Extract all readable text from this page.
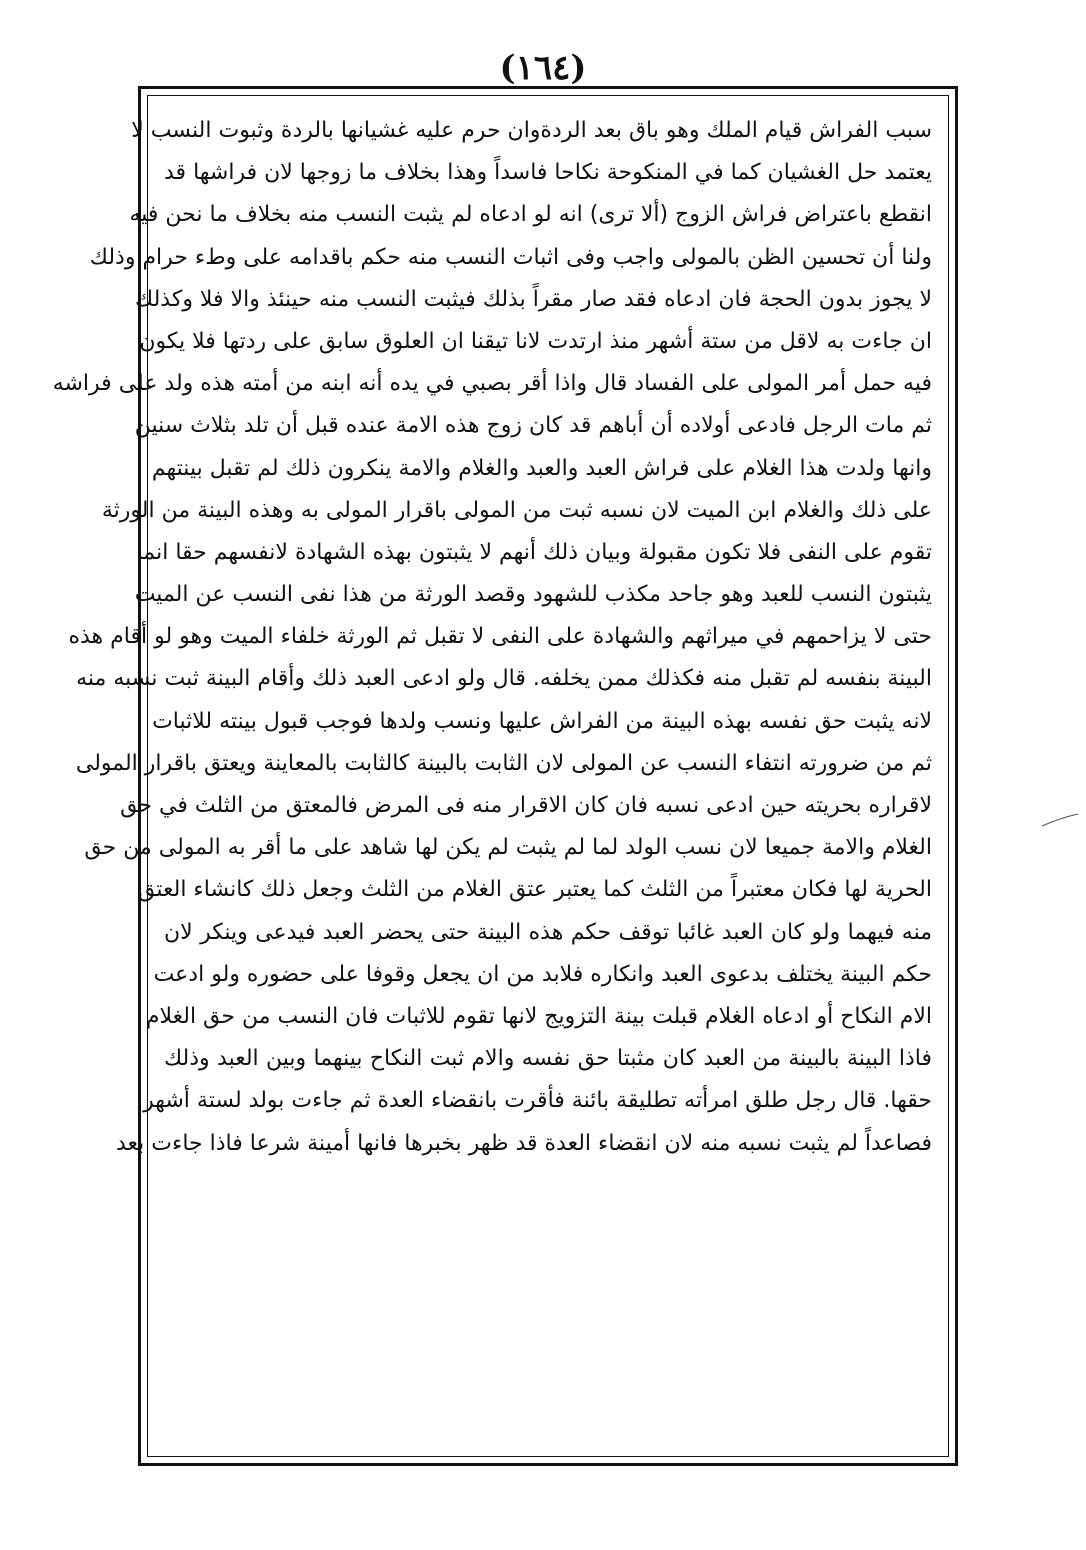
(١٦٤)
سبب الفراش قيام الملك وهو باق بعد الردةوان حرم عليه غشيانها بالردة وثبوت النسب لا
يعتمد حل الغشيان كما في المنكوحة نكاحا فاسداً وهذا بخلاف ما زوجها لان فراشها قد
انقطع باعتراض فراش الزوج (ألا ترى) انه لو ادعاه لم يثبت النسب منه بخلاف ما نحن فيه
ولنا أن تحسين الظن بالمولى واجب وفى اثبات النسب منه حكم باقدامه على وطء حرام وذلك
لا يجوز بدون الحجة فان ادعاه فقد صار مقراً بذلك فيثبت النسب منه حينئذ والا فلا وكذلك
ان جاءت به لاقل من ستة أشهر منذ ارتدت لانا تيقنا ان العلوق سابق على ردتها فلا يكون
فيه حمل أمر المولى على الفساد قال واذا أقر بصبي في يده أنه ابنه من أمته هذه ولد على فراشه
ثم مات الرجل فادعى أولاده أن أباهم قد كان زوج هذه الامة عنده قبل أن تلد بثلاث سنين
وانها ولدت هذا الغلام على فراش العبد والعبد والغلام والامة ينكرون ذلك لم تقبل بينتهم
على ذلك والغلام ابن الميت لان نسبه ثبت من المولى باقرار المولى به وهذه البينة من الورثة
تقوم على النفى فلا تكون مقبولة وبيان ذلك أنهم لا يثبتون بهذه الشهادة لانفسهم حقا انما
يثبتون النسب للعبد وهو جاحد مكذب للشهود وقصد الورثة من هذا نفى النسب عن الميت
حتى لا يزاحمهم في ميراثهم والشهادة على النفى لا تقبل ثم الورثة خلفاء الميت وهو لو أقام هذه
البينة بنفسه لم تقبل منه فكذلك ممن يخلفه. قال ولو ادعى العبد ذلك وأقام البينة ثبت نسبه منه
لانه يثبت حق نفسه بهذه البينة من الفراش عليها ونسب ولدها فوجب قبول بينته للاثبات
ثم من ضرورته انتفاء النسب عن المولى لان الثابت بالبينة كالثابت بالمعاينة ويعتق باقرار المولى
لاقراره بحريته حين ادعى نسبه فان كان الاقرار منه فى المرض فالمعتق من الثلث في حق
الغلام والامة جميعا لان نسب الولد لما لم يثبت لم يكن لها شاهد على ما أقر به المولى من حق
الحرية لها فكان معتبراً من الثلث كما يعتبر عتق الغلام من الثلث وجعل ذلك كانشاء العتق
منه فيهما ولو كان العبد غائبا توقف حكم هذه البينة حتى يحضر العبد فيدعى وينكر لان
حكم البينة يختلف بدعوى العبد وانكاره فلابد من ان يجعل وقوفا على حضوره ولو ادعت
الام النكاح أو ادعاه الغلام قبلت بينة التزويج لانها تقوم للاثبات فان النسب من حق الغلام
فاذا البينة بالبينة من العبد كان مثبتا حق نفسه والام ثبت النكاح بينهما وبين العبد وذلك
حقها. قال رجل طلق امرأته تطليقة بائنة فأقرت بانقضاء العدة ثم جاءت بولد لستة أشهر
فصاعداً لم يثبت نسبه منه لان انقضاء العدة قد ظهر بخبرها فانها أمينة شرعا فاذا جاءت بعد
